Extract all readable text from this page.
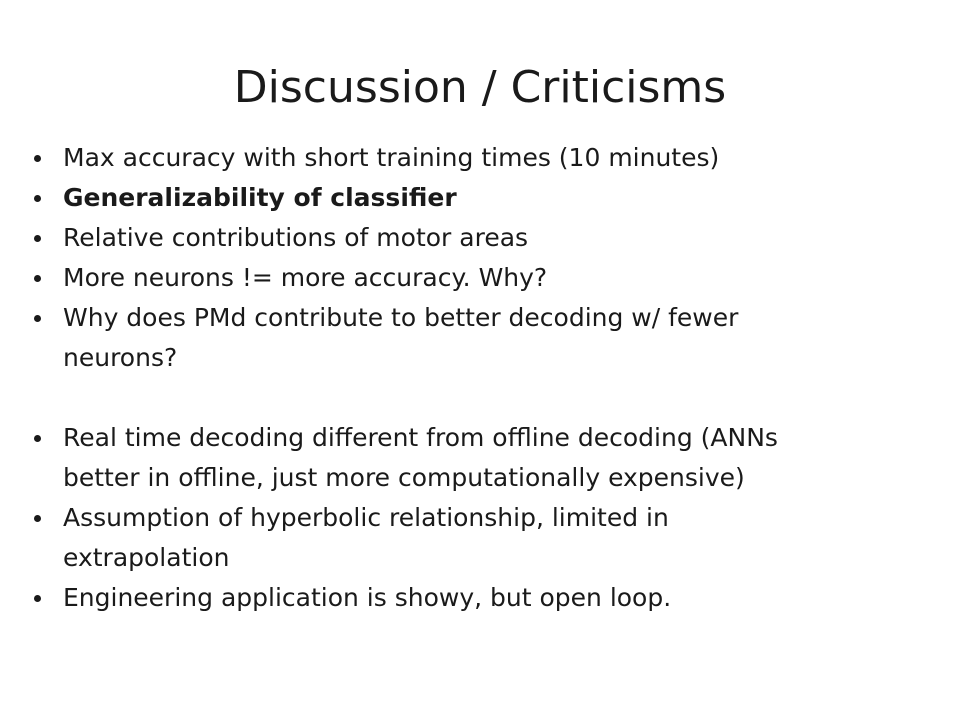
Discussion / Criticisms
Max accuracy with short training times (10 minutes)
Generalizability of classifier
Relative contributions of motor areas
More neurons != more accuracy. Why?
Why does PMd contribute to better decoding w/ fewer
neurons?
Real time decoding different from offline decoding (ANNs
better in offline, just more computationally expensive)
Assumption of hyperbolic relationship, limited in
extrapolation
Engineering application is showy, but open loop.
